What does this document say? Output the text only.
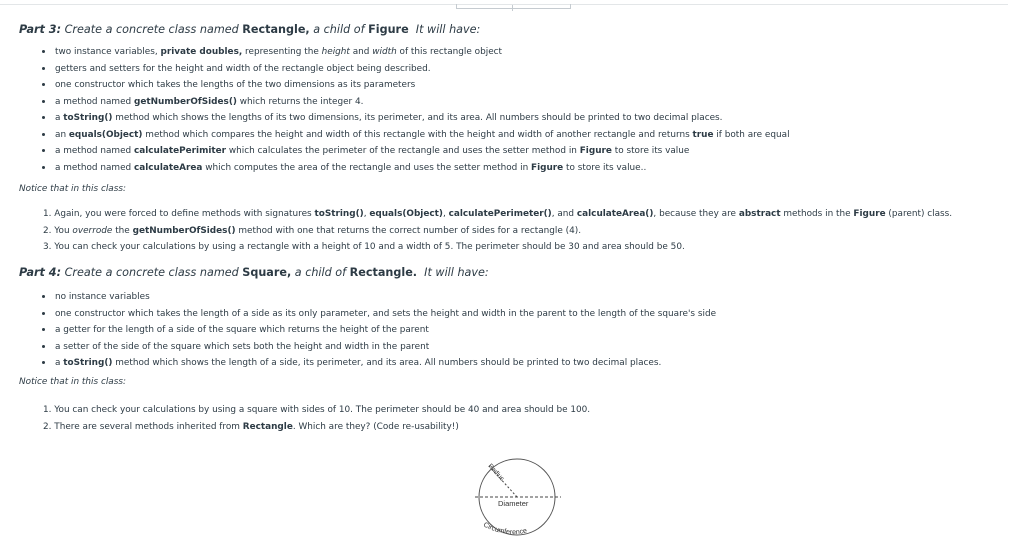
Part 3: Create a concrete class named Rectangle, a child of Figure It will have:
two instance variables, private doubles, representing the height and width of this rectangle object
getters and setters for the height and width of the rectangle object being described.
one constructor which takes the lengths of the two dimensions as its parameters
a method named getNumberOfSides() which returns the integer 4.
a toString() method which shows the lengths of its two dimensions, its perimeter, and its area. All numbers should be printed to two decimal places.
an equals(Object) method which compares the height and width of this rectangle with the height and width of another rectangle and returns true if both are equal
a method named calculatePerimiter which calculates the perimeter of the rectangle and uses the setter method in Figure to store its value
a method named calculateArea which computes the area of the rectangle and uses the setter method in Figure to store its value..

Notice that in this class:

1. Again, you were forced to define methods with signatures toString(), equals(Object), calculatePerimeter(), and calculateArea(), because they are abstract methods in the Figure (parent) class.
2. You overrode the getNumberOfSides() method with one that returns the correct number of sides for a rectangle (4).
3. You can check your calculations by using a rectangle with a height of 10 and a width of 5. The perimeter should be 30 and area should be 50.
Part 4: Create a concrete class named Square, a child of Rectangle. It will have:
no instance variables
one constructor which takes the length of a side as its only parameter, and sets the height and width in the parent to the length of the square's side
a getter for the length of a side of the square which returns the height of the parent
a setter of the side of the square which sets both the height and width in the parent
a toString() method which shows the length of a side, its perimeter, and its area. All numbers should be printed to two decimal places.

Notice that in this class:

1. You can check your calculations by using a square with sides of 10. The perimeter should be 40 and area should be 100.
2. There are several methods inherited from Rectangle. Which are they? (Code re-usability!)
Radius
Diameter
Circumference
